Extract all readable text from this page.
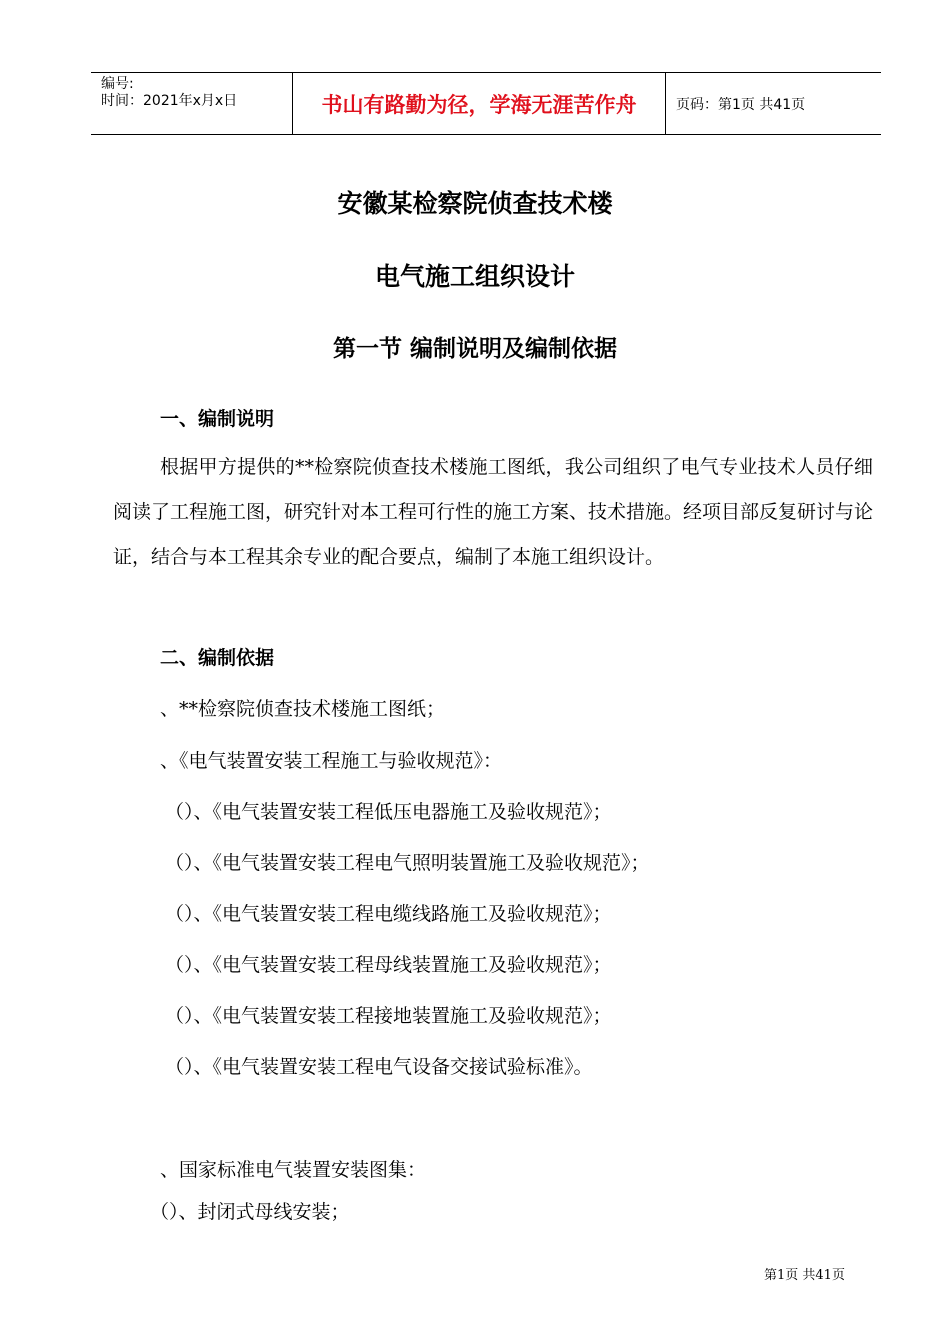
编号:
时间：2021年x月x日	书山有路勤为径，学海无涯苦作舟	页码：第1页 共41页
安徽某检察院侦查技术楼
电气施工组织设计
第一节 编制说明及编制依据
一、编制说明
根据甲方提供的**检察院侦查技术楼施工图纸，我公司组织了电气专业技术人员仔细阅读了工程施工图，研究针对本工程可行性的施工方案、技术措施。经项目部反复研讨与论证，结合与本工程其余专业的配合要点，编制了本施工组织设计。
二、编制依据
、**检察院侦查技术楼施工图纸；
、《电气装置安装工程施工与验收规范》：
（）、《电气装置安装工程低压电器施工及验收规范》；
（）、《电气装置安装工程电气照明装置施工及验收规范》；
（）、《电气装置安装工程电缆线路施工及验收规范》；
（）、《电气装置安装工程母线装置施工及验收规范》；
（）、《电气装置安装工程接地装置施工及验收规范》；
（）、《电气装置安装工程电气设备交接试验标准》。
、国家标准电气装置安装图集：
（）、封闭式母线安装；
第1页 共41页
